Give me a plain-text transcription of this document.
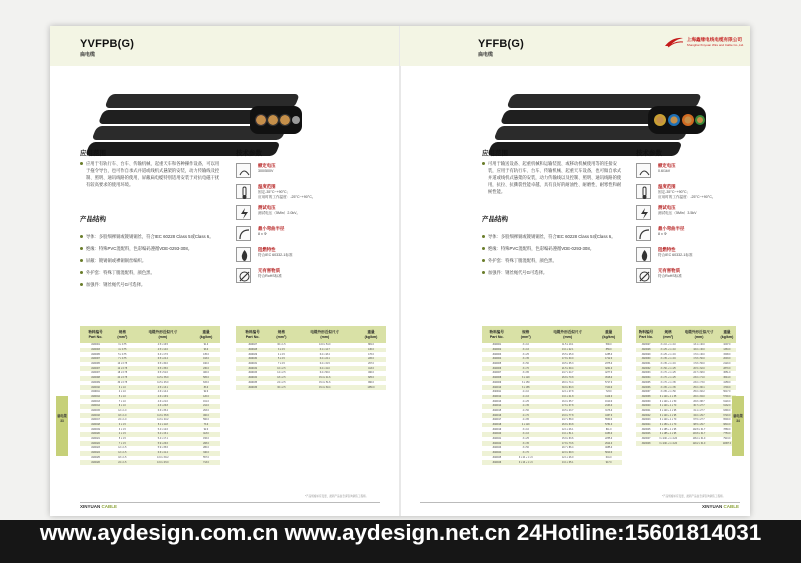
YVFPB(G)
扁电缆
应用范围
应用于有轨行车、台车、传输机械、起重天车和各种操作设备，可以用于拖令导台，也可作自承式并道或线机式悬架的安装，动力传输线及控制、照明、通讯线路的使用，屏蔽扁电缆特别适用安装于对抗电磁干扰有较高要求的使用环境。
产品结构
导体：多股细裸铜或镀锡铜丝，符合IEC 60228 Class 5或Class 6。
绝缘：特殊PVC混配料，色彩编码遵循VDE-0293-308。
屏蔽：镀锡铜或裸铜铜丝编织。
外护套：特殊丁腈混配料，颜色黑。
加强件：钢丝绳代号G可选择。
技术参数
额定电压
300/500V
温度范围
固定-35°C~+90°C；
应用时的工作温度：-25°C~+90°C。
测试电压
测试电压（5Min）2.0kV。
最小弯曲半径
8 x Φ
阻燃特性
符合IEC 60332-1标准
无有害物质
符合RoHS标准
物料编号
Part No.	规格
(mm²)	电缆外形近似尺寸
(mm)	重量
(kg/km)
J020001	3 x 0.75	4.5 x 16.5	91.0
J020003	4 x 0.75	4.5 x 14.0	93.0
J020005	5 x 0.75	6.3 x 17.5	135.0
J020007	7 x 0.75	6.5 x 24.4	193.0
J020005	10 x 0.75	6.5 x 30.0	190.0
J020007	12 x 0.75	6.5 x 35.0	230.0
J020007	18 x 0.75	6.5 x 51.0	400.0
J020008	24 x 0.75	11.5 x 35.0	505.0
J020009	30 x 0.75	11.5 x 45.0	615.0
J020010	3 x 1.0	4.5 x 13.1	83.0
J020011	4 x 1.0	4.6 x 14.4	92.0
J020012	5 x 1.0	4.6 x 16.9	120.0
J020013	7 x 1.0	4.6 x 21.0	161.0
J020014	8 x 1.0	4.6 x 26.8	212.0
J020015	12 x 1.0	6.6 x 35.4	263.0
J020016	18 x 1.0	11.6 x 35.8	460.0
J020017	24 x 1.0	11.6 x 40.2	560.0
J020018	3 x 1.5	5.1 x 11.8	73.0
J020019	3 x 1.5	5.4 x 12.6	92.0
J020020	4 x 1.5	5.4 x 15.1	118.0
J020021	5 x 1.5	5.4 x 17.1	156.0
J020022	7 x 1.5	5.9 x 26.6	208.0
J020023	12 x 1.5	5.9 x 35.6	280.0
J020024	12 x 1.5	6.6 x 41.4	340.0
J020025	18 x 1.5	13.0 x 36.2	557.0
J020026	24 x 1.5	13.0 x 45.0	713.0
物料编号
Part No.	规格
(mm²)	电缆外形近似尺寸
(mm)	重量
(kg/km)
J020027	30 x 1.5	13.0 x 54.0	881.0
J020028	3 x 2.5	6.1 x 14.7	130.0
J020029	4 x 2.5	6.2 x 18.4	176.0
J020030	5 x 2.5	6.2 x 24.1	226.0
J020031	7 x 2.5	6.2 x 31.5	297.0
J020032	10 x 2.5	6.2 x 41.0	413.0
J020033	12 x 2.5	6.2 x 50.0	490.0
J020034	18 x 2.5	15.4 x 41.6	825.0
J020035	24 x 2.5	15.4 x 51.6	990.0
J020036	30 x 2.5	15.4 x 60.4	1350.0
*产品规格如有变更，最新产品信息请咨询销售工程师。
XINYUAN CABLE
扁电缆
33
YFFB(G)
扁电缆
上海鑫缘电线电缆有限公司
Shanghai Xinyuan Wire and Cable Co.,Ltd.
应用范围
可用于输送设备、起重机械和运输装置、或移动机械使用等的连接安装，应用于有轨行车、台车、传输机械、起重天车设备，也可做自承式并道或线机式悬架的安装，动力传输线以及控制、照明、通讯线路的使用，抗拉、抗撕裂性能卓越，具有良好的耐油性、耐磨性、耐寒性和耐候性能。
产品结构
导体：多股细裸铜或镀锡铜丝，符合IEC 60228 Class 5或Class 6。
绝缘：特殊PVC混配料，色彩编码遵循VDE-0293-308。
外护套：特殊丁腈混配料，颜色黑。
加强件：钢丝绳代号G可选择。
技术参数
额定电压
0.6/1kV
温度范围
固定-35°C~+90°C；
应用时的工作温度：-25°C~+90°C。
测试电压
测试电压（5Min）3.5kV
最小弯曲半径
8 x Φ
阻燃特性
符合IEC 60332-1标准
无有害物质
符合RoHS标准
物料编号
Part No.	规格
(mm²)	电缆外形近似尺寸
(mm)	重量
(kg/km)
J020001	3 x 10	11.5 x 19.1	590.0
J020002	3 x 16	13.1 x 22.1	856.0
J020003	3 x 25	15.5 x 25.9	1285.0
J020004	3 x 35	17.8 x 30.0	1712.0
J020005	3 x 50	19.5 x 35.3	2375.0
J020006	3 x 70	21.5 x 39.4	3261.0
J020007	3 x 95	24.7 x 44.7	4277.0
J020008	3 x 120	26.8 x 70.8	4518.0
J020009	3 x 150	28.0 x 74.4	5717.0
J020010	3 x 185	30.9 x 83.3	7100.0
J020011	4 x 10	12.1 x 27.8	723.0
J020012	4 x 16	13.1 x 41.8	1120.0
J020013	4 x 25	16.0 x 35.7	1610.0
J020014	4 x 35	17.6 x 37.8	2163.0
J020015	4 x 50	19.5 x 43.7	3176.0
J020016	4 x 70	23.0 x 77.8	4467.0
J020017	4 x 95	24.7 x 58.0	5560.0
J020018	4 x 120	26.8 x 63.8	5781.0
J020019	3 x 10	12.1 x 46.1	811.0
J020020	3 x 16	13.1 x 51.1	1083.0
J020021	3 x 25	15.9 x 63.6	2255.0
J020022	3 x 35	17.8 x 73.6	2914.0
J020023	3 x 50	20.7 x 86.4	4085.0
J020024	3 x 70	22.0 x 99.3	5810.0
J020025	3 x 10 + 1 x 6	12.1 x 26.0	641.0
J020026	3 x 16 + 1 x 6	13.1 x 35.1	917.0
物料编号
Part No.	规格
(mm²)	电缆外形近似尺寸
(mm)	重量
(kg/km)
J020027	3 x 16 + 1 x 10	13.1 x 40.0	1007.0
J020028	3 x 25 + 1 x 10	16.0 x 46.0	1363.0
J020029	3 x 25 + 1 x 16	17.0 x 46.0	1508.0
J020030	3 x 35 + 1 x 16	17.8 x 50.0	2003.0
J020031	3 x 35 + 1 x 16	17.8 x 56.0	2120.0
J020032	3 x 50 + 1 x 25	20.5 x 62.0	2870.0
J020033	3 x 70 + 1 x 25	22.7 x 68.0	3651.0
J020034	3 x 70 + 1 x 25	23.0 x 71.0	3644.0
J020035	3 x 70 + 1 x 35	23.0 x 73.0	4158.0
J020036	3 x 95 + 1 x 35	25.0 x 80.1	4700.0
J020037	3 x 95 + 1 x 50	25.0 x 82.2	5017.0
J020038	3 x 120 + 1 x 35	26.0 x 84.0	5700.0
J020039	3 x 120 + 1 x 50	26.8 x 88.7	6120.0
J020040	3 x 120 + 1 x 70	30.7 x 27.7	6132.0
J020041	3 x 120 + 1 x 95	31.1 x 27.7	6390.0
J020042	3 x 120 + 1 x 95	34.0 x 29.7	6720.0
J020043	3 x 120 + 1 x 70	97.5 x 27.7	6500.0
J020044	3 x 150 + 1 x 70	98.5 x 29.7	6810.0
J020045	3 x 185 + 1 x 95	102.8 x 31.7	7880.0
J020046	3 x 185 + 1 x 95	103.8 x 31.7	7753.0
J020047	3 x 240 + 1 x 120	106.4 x 31.0	7913.0
J020048	3 x 240 + 1 x 120	120.2 x 31.0	11867.0
*产品规格如有变更，最新产品信息请咨询销售工程师。
XINYUAN CABLE
扁电缆
34
www.aydesign.com.cn www.aydesign.net.cn 24Hotline:15601814031
